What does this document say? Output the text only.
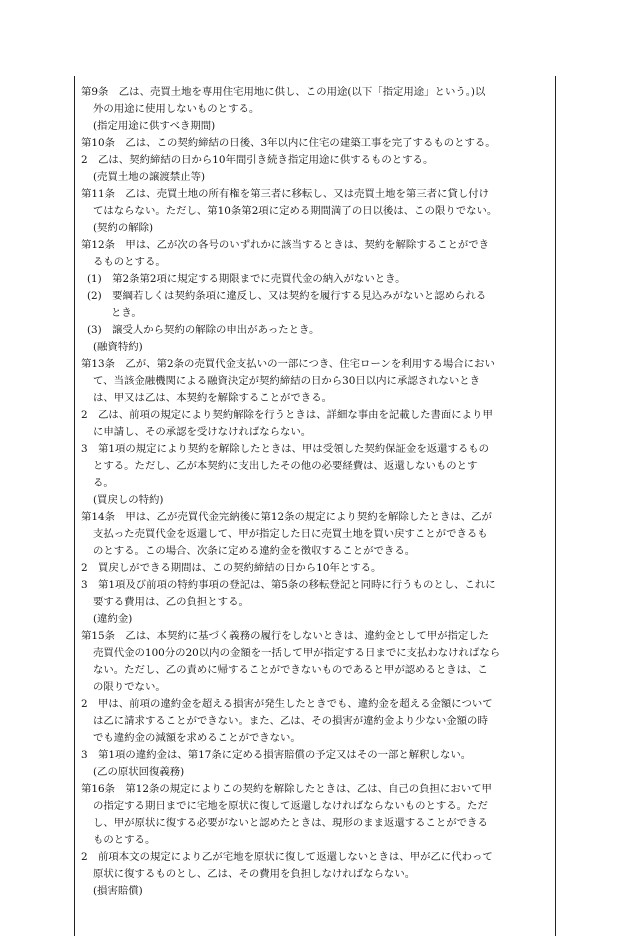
第9条　乙は、売買土地を専用住宅用地に供し、この用途(以下「指定用途」という。)以
外の用途に使用しないものとする。
(指定用途に供すべき期間)
第10条　乙は、この契約締結の日後、3年以内に住宅の建築工事を完了するものとする。
2　乙は、契約締結の日から10年間引き続き指定用途に供するものとする。
(売買土地の譲渡禁止等)
第11条　乙は、売買土地の所有権を第三者に移転し、又は売買土地を第三者に貸し付け
てはならない。ただし、第10条第2項に定める期間満了の日以後は、この限りでない。
(契約の解除)
第12条　甲は、乙が次の各号のいずれかに該当するときは、契約を解除することができ
るものとする。
(1)　第2条第2項に規定する期限までに売買代金の納入がないとき。
(2)　要綱若しくは契約条項に違反し、又は契約を履行する見込みがないと認められる
とき。
(3)　譲受人から契約の解除の申出があったとき。
(融資特約)
第13条　乙が、第2条の売買代金支払いの一部につき、住宅ローンを利用する場合におい
て、当該金融機関による融資決定が契約締結の日から30日以内に承認されないとき
は、甲又は乙は、本契約を解除することができる。
2　乙は、前項の規定により契約解除を行うときは、詳細な事由を記載した書面により甲
に申請し、その承認を受けなければならない。
3　第1項の規定により契約を解除したときは、甲は受領した契約保証金を返還するもの
とする。ただし、乙が本契約に支出したその他の必要経費は、返還しないものとす
る。
(買戻しの特約)
第14条　甲は、乙が売買代金完納後に第12条の規定により契約を解除したときは、乙が
支払った売買代金を返還して、甲が指定した日に売買土地を買い戻すことができるも
のとする。この場合、次条に定める違約金を徴収することができる。
2　買戻しができる期間は、この契約締結の日から10年とする。
3　第1項及び前項の特約事項の登記は、第5条の移転登記と同時に行うものとし、これに
要する費用は、乙の負担とする。
(違約金)
第15条　乙は、本契約に基づく義務の履行をしないときは、違約金として甲が指定した
売買代金の100分の20以内の金額を一括して甲が指定する日までに支払わなければなら
ない。ただし、乙の責めに帰することができないものであると甲が認めるときは、こ
の限りでない。
2　甲は、前項の違約金を超える損害が発生したときでも、違約金を超える金額について
は乙に請求することができない。また、乙は、その損害が違約金より少ない金額の時
でも違約金の減額を求めることができない。
3　第1項の違約金は、第17条に定める損害賠償の予定又はその一部と解釈しない。
(乙の原状回復義務)
第16条　第12条の規定によりこの契約を解除したときは、乙は、自己の負担において甲
の指定する期日までに宅地を原状に復して返還しなければならないものとする。ただ
し、甲が原状に復する必要がないと認めたときは、現形のまま返還することができる
ものとする。
2　前項本文の規定により乙が宅地を原状に復して返還しないときは、甲が乙に代わって
原状に復するものとし、乙は、その費用を負担しなければならない。
(損害賠償)
